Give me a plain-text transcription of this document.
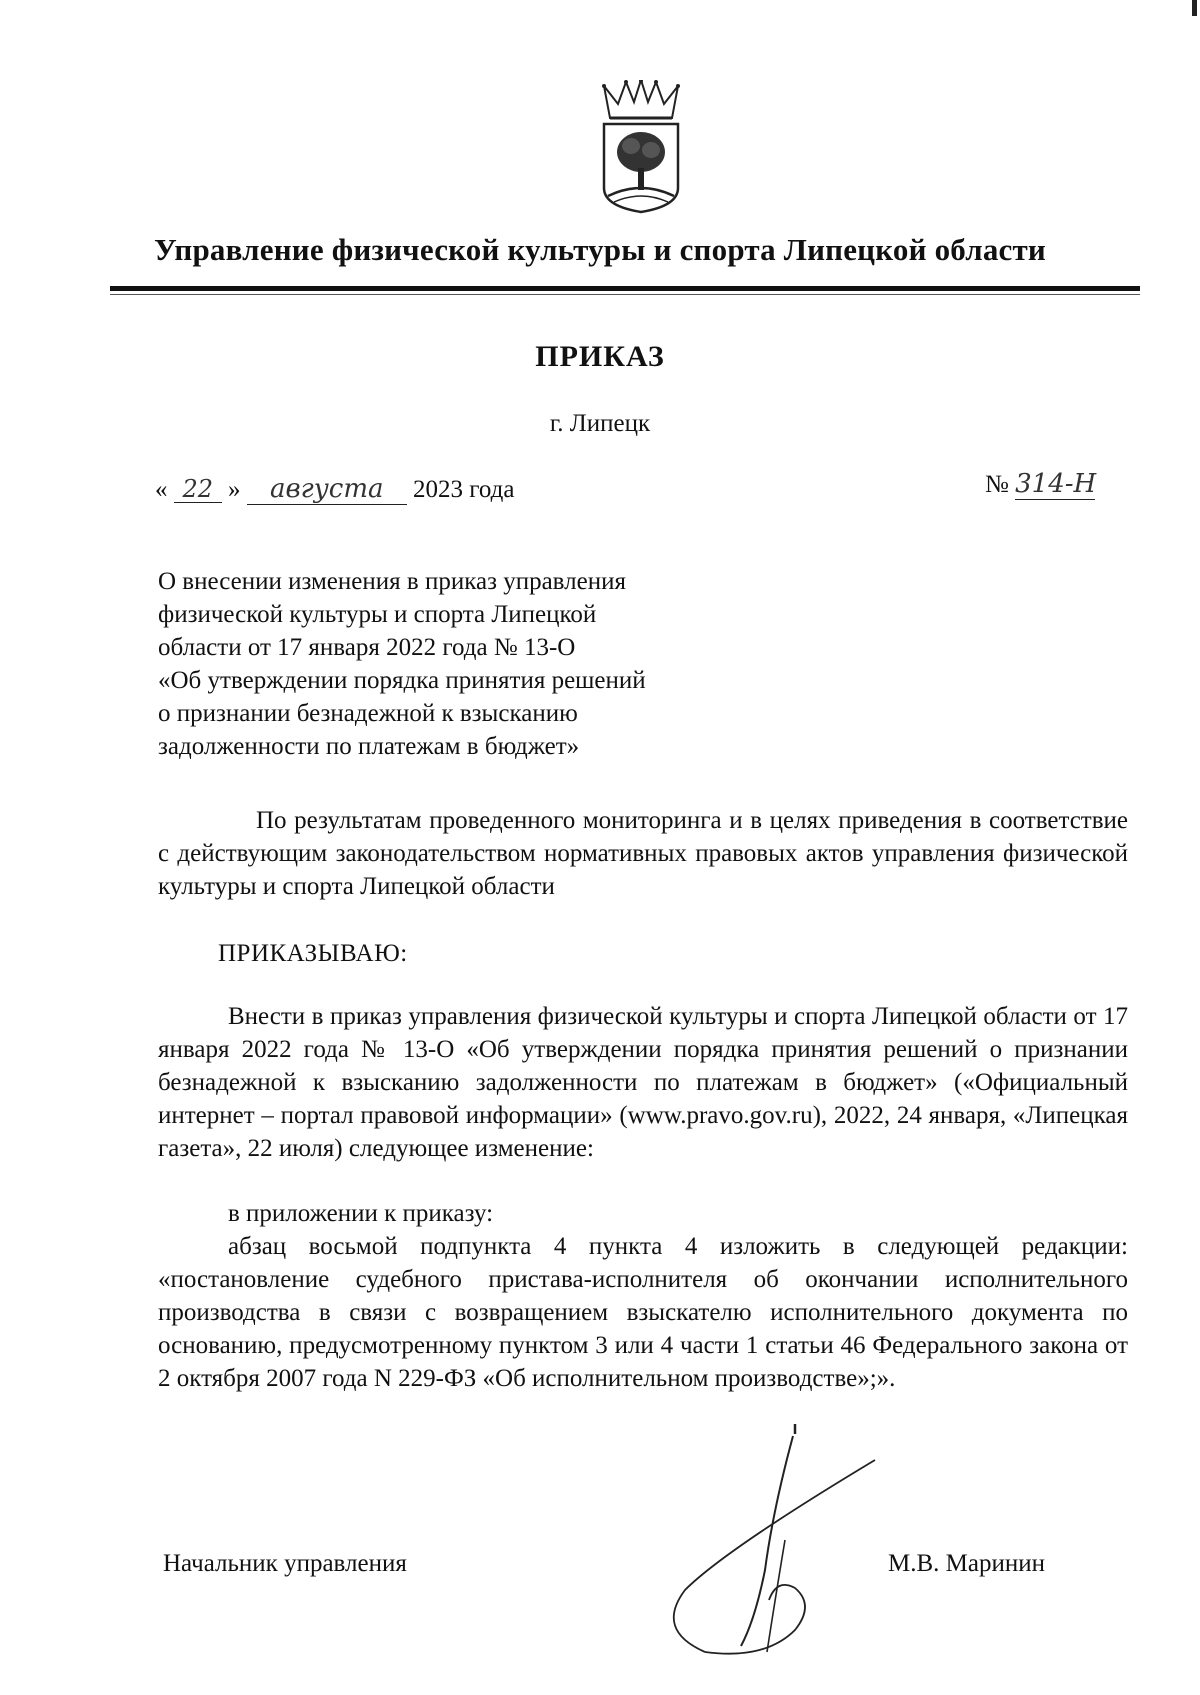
Управление физической культуры и спорта Липецкой области
ПРИКАЗ
г. Липецк
« 22 » августа 2023 года	№ 314-Н
О внесении изменения в приказ управления
физической культуры и спорта Липецкой
области от 17 января 2022 года № 13-О
«Об утверждении порядка принятия решений
о признании безнадежной к взысканию
задолженности по платежам в бюджет»
По результатам проведенного мониторинга и в целях приведения в соответствие с действующим законодательством нормативных правовых актов управления физической культуры и спорта Липецкой области
ПРИКАЗЫВАЮ:
Внести в приказ управления физической культуры и спорта Липецкой области от 17 января 2022 года № 13-О «Об утверждении порядка принятия решений о признании безнадежной к взысканию задолженности по платежам в бюджет» («Официальный интернет – портал правовой информации» (www.pravo.gov.ru), 2022, 24 января, «Липецкая газета», 22 июля) следующее изменение:
в приложении к приказу:
абзац восьмой подпункта 4 пункта 4 изложить в следующей редакции: «постановление судебного пристава-исполнителя об окончании исполнительного производства в связи с возвращением взыскателю исполнительного документа по основанию, предусмотренному пунктом 3 или 4 части 1 статьи 46 Федерального закона от 2 октября 2007 года N 229-ФЗ «Об исполнительном производстве»;».
Начальник управления	М.В. Маринин
